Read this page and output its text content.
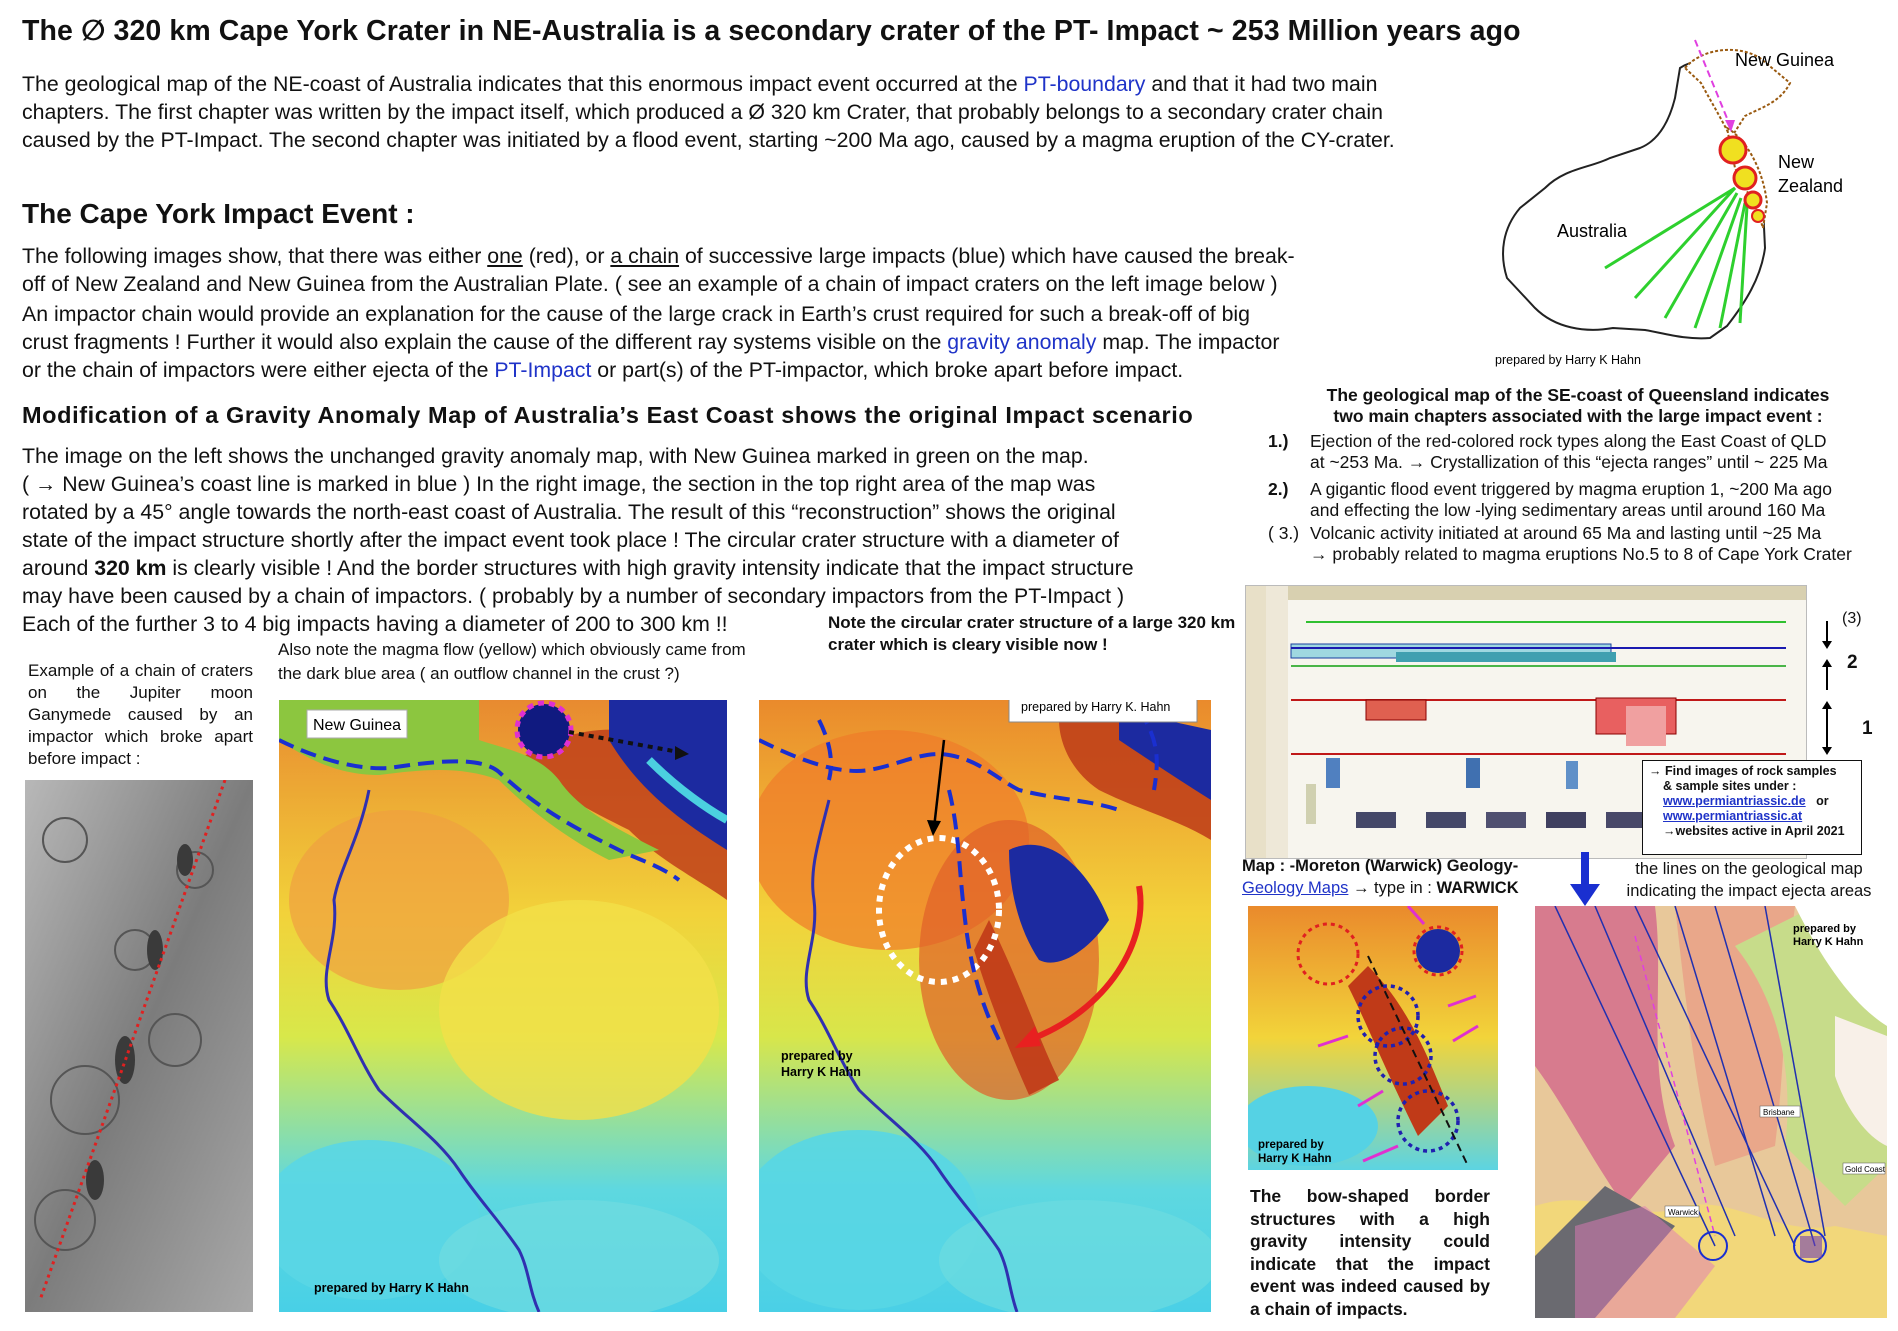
The ∅ 320 km Cape York Crater in NE-Australia is a secondary crater of the PT- Impact ~ 253 Million years ago
The geological map of the NE-coast of Australia indicates that this enormous impact event occurred at the PT-boundary and that it had two main
chapters. The first chapter was written by the impact itself, which produced a Ø 320 km Crater, that probably belongs to a secondary crater chain
caused by the PT-Impact. The second chapter was initiated by a flood event, starting ~200 Ma ago, caused by a magma eruption of the CY-crater.
The Cape York Impact Event :
The following images show, that there was either one (red), or a chain of successive large impacts (blue) which have caused the break-
off of New Zealand and New Guinea from the Australian Plate. ( see an example of a chain of impact craters on the left image below )
An impactor chain would provide an explanation for the cause of the large crack in Earth’s crust required for such a break-off of big
crust fragments ! Further it would also explain the cause of the different ray systems visible on the gravity anomaly map. The impactor
or the chain of impactors were either ejecta of the PT-Impact or part(s) of the PT-impactor, which broke apart before impact.
Modification of a Gravity Anomaly Map of Australia’s East Coast shows the original Impact scenario
The image on the left shows the unchanged gravity anomaly map, with New Guinea marked in green on the map.
( → New Guinea’s coast line is marked in blue ) In the right image, the section in the top right area of the map was
rotated by a 45° angle towards the north-east coast of Australia. The result of this “reconstruction” shows the original
state of the impact structure shortly after the impact event took place ! The circular crater structure with a diameter of
around 320 km is clearly visible ! And the border structures with high gravity intensity indicate that the impact structure
may have been caused by a chain of impactors. ( probably by a number of secondary impactors from the PT-Impact )
Each of the further 3 to 4 big impacts having a diameter of 200 to 300 km !!
New Guinea
New
Zealand
Australia
prepared by Harry K Hahn
The geological map of the SE-coast of Queensland indicates
two main chapters associated with the large impact event :
1.)	Ejection of the red-colored rock types along the East Coast of QLD
at ~253 Ma. → Crystallization of this “ejecta ranges” until ~ 225 Ma
2.)	A gigantic flood event triggered by magma eruption 1, ~200 Ma ago
and effecting the low -lying sedimentary areas until around 160 Ma
( 3.) Volcanic activity initiated at around 65 Ma and lasting until ~25 Ma
→ probably related to magma eruptions No.5 to 8 of Cape York Crater
(3)
2
1
→ Find images of rock samples
& sample sites under :
www.permiantriassic.de or
www.permiantriassic.at
→websites active in April 2021
Example of a chain of craters on the Jupiter moon Ganymede caused by an impactor which broke apart before impact :
Also note the magma flow (yellow) which obviously came from the dark blue area ( an outflow channel in the crust ?)
New Guinea
prepared by Harry K Hahn
Note the circular crater structure of a large 320 km crater which is cleary visible now !
prepared by Harry K. Hahn
prepared by Harry K Hahn
Map : -Moreton (Warwick) Geology-
Geology Maps → type in : WARWICK
prepared by Harry K Hahn
The bow-shaped border structures with a high gravity intensity could indicate that the impact event was indeed caused by a chain of impacts.
the lines on the geological map indicating the impact ejecta areas
prepared by Harry K Hahn
Brisbane
Gold Coast
Warwick
